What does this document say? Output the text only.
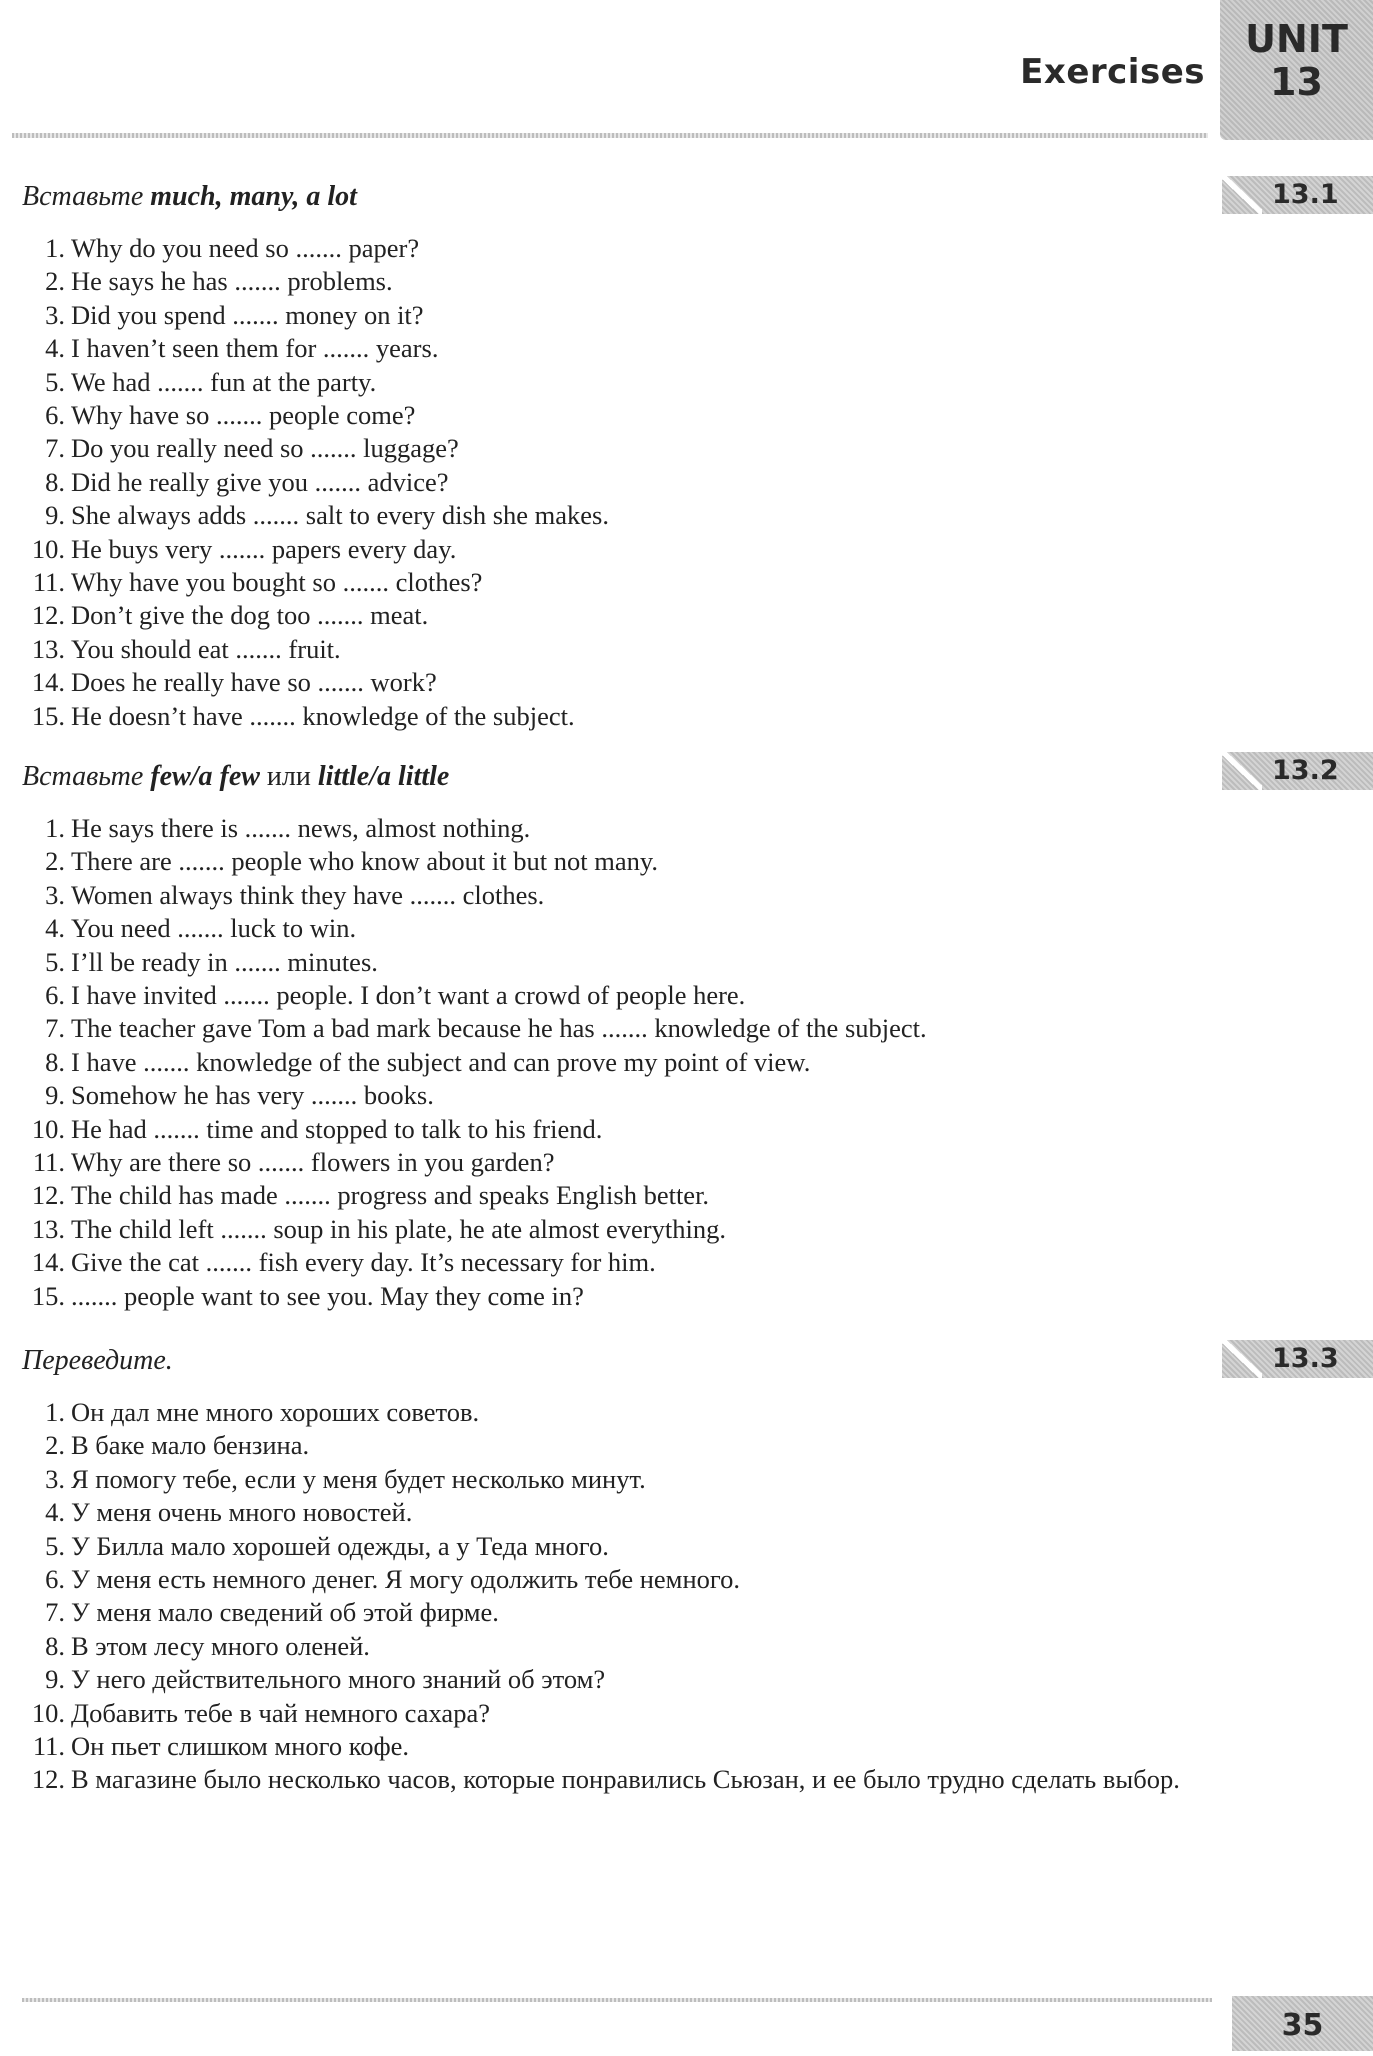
Exercises
UNIT
13
13.1
13.2
13.3

Вставьте much, many, a lot

1. Why do you need so ....... paper?
2. He says he has ....... problems.
3. Did you spend ....... money on it?
4. I haven’t seen them for ....... years.
5. We had ....... fun at the party.
6. Why have so ....... people come?
7. Do you really need so ....... luggage?
8. Did he really give you ....... advice?
9. She always adds ....... salt to every dish she makes.
10. He buys very ....... papers every day.
11. Why have you bought so ....... clothes?
12. Don’t give the dog too ....... meat.
13. You should eat ....... fruit.
14. Does he really have so ....... work?
15. He doesn’t have ....... knowledge of the subject.

Вставьте few/a few или little/a little

1. He says there is ....... news, almost nothing.
2. There are ....... people who know about it but not many.
3. Women always think they have ....... clothes.
4. You need ....... luck to win.
5. I’ll be ready in ....... minutes.
6. I have invited ....... people. I don’t want a crowd of people here.
7. The teacher gave Tom a bad mark because he has ....... knowledge of the subject.
8. I have ....... knowledge of the subject and can prove my point of view.
9. Somehow he has very ....... books.
10. He had ....... time and stopped to talk to his friend.
11. Why are there so ....... flowers in you garden?
12. The child has made ....... progress and speaks English better.
13. The child left ....... soup in his plate, he ate almost everything.
14. Give the cat ....... fish every day. It’s necessary for him.
15. ....... people want to see you. May they come in?

Переведите.

1. Он дал мне много хороших советов.
2. В баке мало бензина.
3. Я помогу тебе, если у меня будет несколько минут.
4. У меня очень много новостей.
5. У Билла мало хорошей одежды, а у Теда много.
6. У меня есть немного денег. Я могу одолжить тебе немного.
7. У меня мало сведений об этой фирме.
8. В этом лесу много оленей.
9. У него действительного много знаний об этом?
10. Добавить тебе в чай немного сахара?
11. Он пьет слишком много кофе.
12. В магазине было несколько часов, которые понравились Сьюзан, и ее было трудно сделать выбор.
35
